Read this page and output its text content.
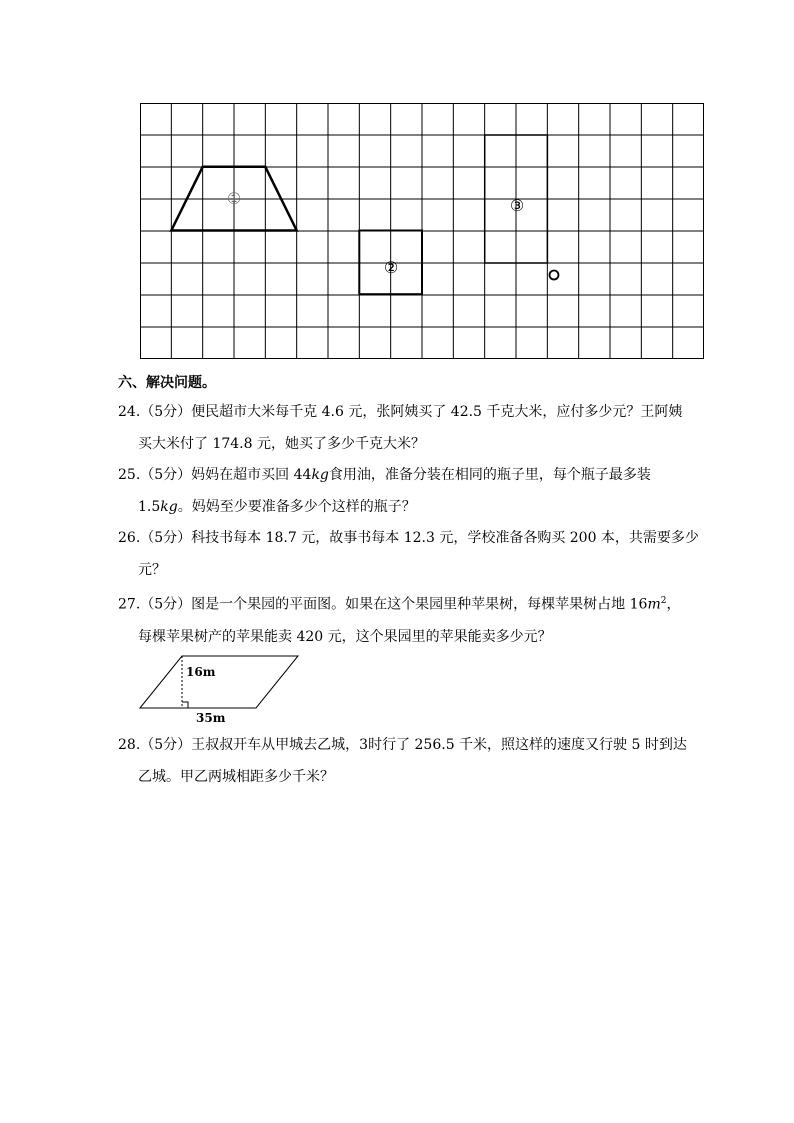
①
②
③
六、解决问题。
24.（5分）便民超市大米每千克 4.6 元，张阿姨买了 42.5 千克大米，应付多少元？王阿姨
买大米付了 174.8 元，她买了多少千克大米？
25.（5分）妈妈在超市买回 44kg食用油，准备分装在相同的瓶子里，每个瓶子最多装
1.5kg。妈妈至少要准备多少个这样的瓶子？
26.（5分）科技书每本 18.7 元，故事书每本 12.3 元，学校准备各购买 200 本，共需要多少
元？
27.（5分）图是一个果园的平面图。如果在这个果园里种苹果树，每棵苹果树占地 $16m^2$，
每棵苹果树产的苹果能卖 420 元，这个果园里的苹果能卖多少元？
16m
35m
28.（5分）王叔叔开车从甲城去乙城，3时行了 256.5 千米，照这样的速度又行驶 5 时到达
乙城。甲乙两城相距多少千米？
